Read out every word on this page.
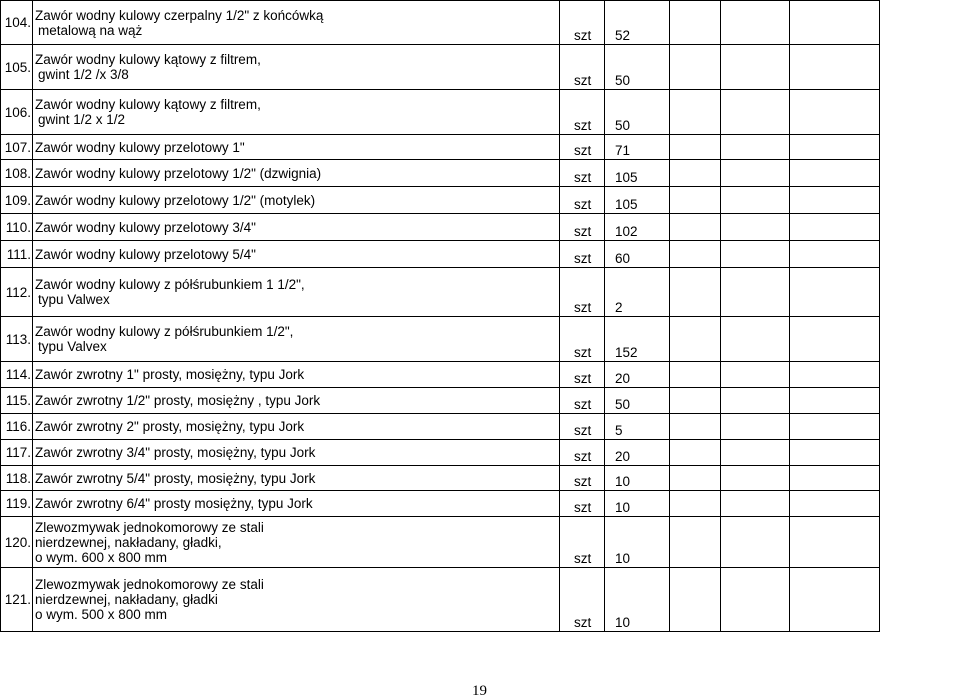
104.	Zawór wodny kulowy czerpalny 1/2" z końcówką
metalową na wąż	szt	52			
105.	Zawór wodny kulowy kątowy z filtrem,
gwint 1/2 /x 3/8	szt	50			
106.	Zawór wodny kulowy kątowy z filtrem,
gwint 1/2 x 1/2	szt	50			
107.	Zawór wodny kulowy przelotowy 1"	szt	71			
108.	Zawór wodny kulowy przelotowy 1/2" (dzwignia)	szt	105			
109.	Zawór wodny kulowy przelotowy 1/2" (motylek)	szt	105			
110.	Zawór wodny kulowy przelotowy 3/4"	szt	102			
111.	Zawór wodny kulowy przelotowy 5/4"	szt	60			
112.	Zawór wodny kulowy z półśrubunkiem 1 1/2",
typu Valwex	szt	2			
113.	Zawór wodny kulowy z półśrubunkiem 1/2",
typu Valvex	szt	152			
114.	Zawór zwrotny 1" prosty, mosiężny, typu Jork	szt	20			
115.	Zawór zwrotny 1/2" prosty, mosiężny , typu Jork	szt	50			
116.	Zawór zwrotny 2" prosty, mosiężny, typu Jork	szt	5			
117.	Zawór zwrotny 3/4" prosty, mosiężny, typu Jork	szt	20			
118.	Zawór zwrotny 5/4" prosty, mosiężny, typu Jork	szt	10			
119.	Zawór zwrotny 6/4" prosty mosiężny, typu Jork	szt	10			
120.	Zlewozmywak jednokomorowy ze stali
nierdzewnej, nakładany, gładki,
o wym. 600 x 800 mm	szt	10			
121.	Zlewozmywak jednokomorowy ze stali
nierdzewnej, nakładany, gładki
o wym. 500 x 800 mm	szt	10			
19
